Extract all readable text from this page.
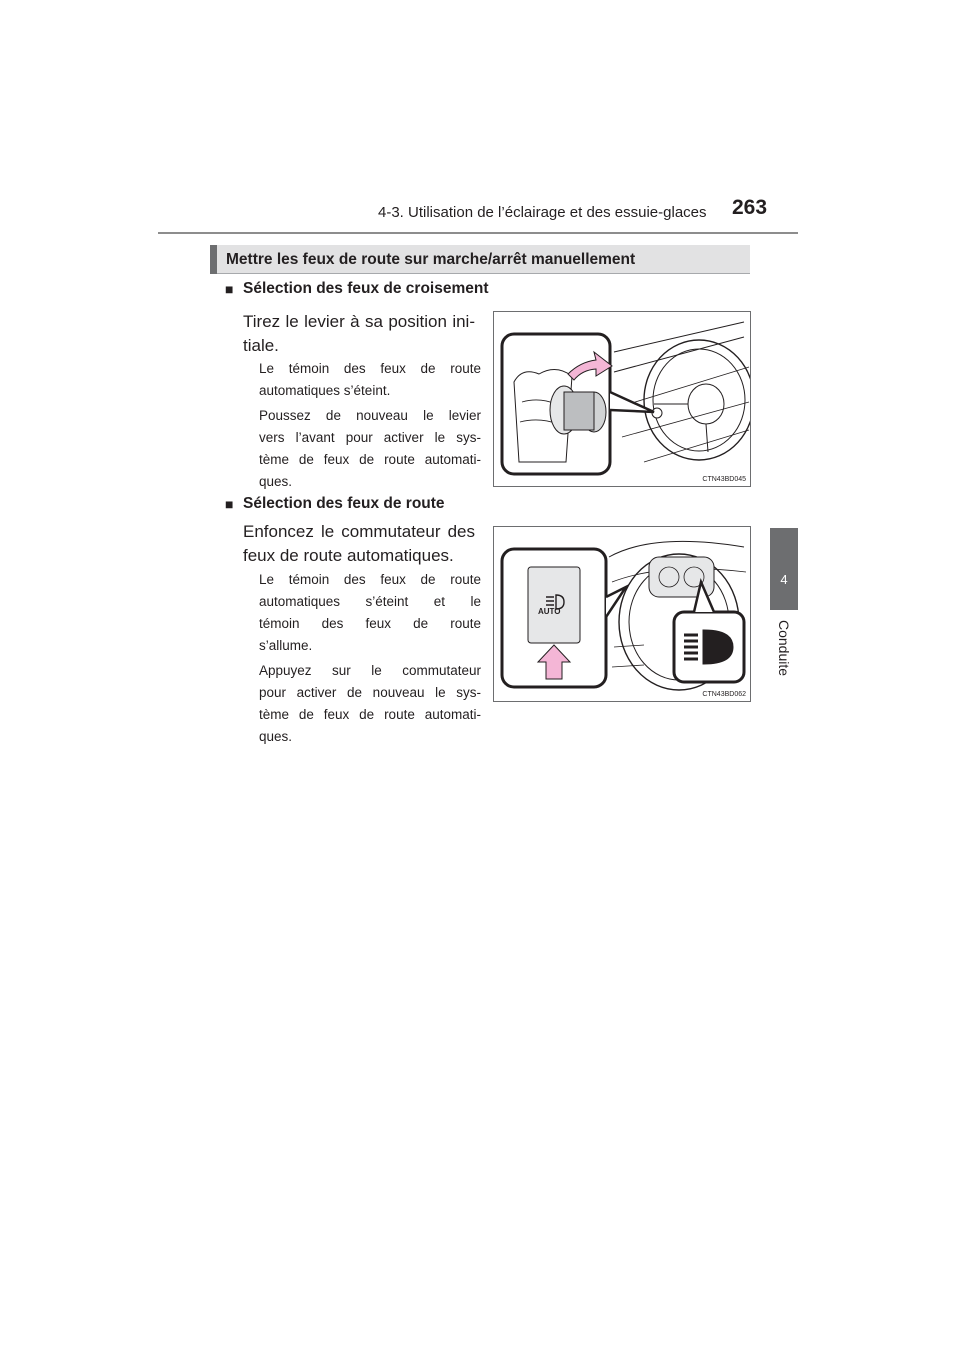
4-3. Utilisation de l’éclairage et des essuie-glaces 263
4
Conduite
Mettre les feux de route sur marche/arrêt manuellement
■ Sélection des feux de croisement
Tirez le levier à sa position ini-
tiale.
Le témoin des feux de route
automatiques s’éteint.
Poussez de nouveau le levier
vers l’avant pour activer le sys-
tème de feux de route automati-
ques.	CTN43BD045
■ Sélection des feux de route
Enfoncez le commutateur des
feux de route automatiques.
Le témoin des feux de route
automatiques s’éteint et le
témoin des feux de route
s’allume.
Appuyez sur le commutateur
pour activer de nouveau le sys-
tème de feux de route automati-
ques.
AUTO
CTN43BD062
